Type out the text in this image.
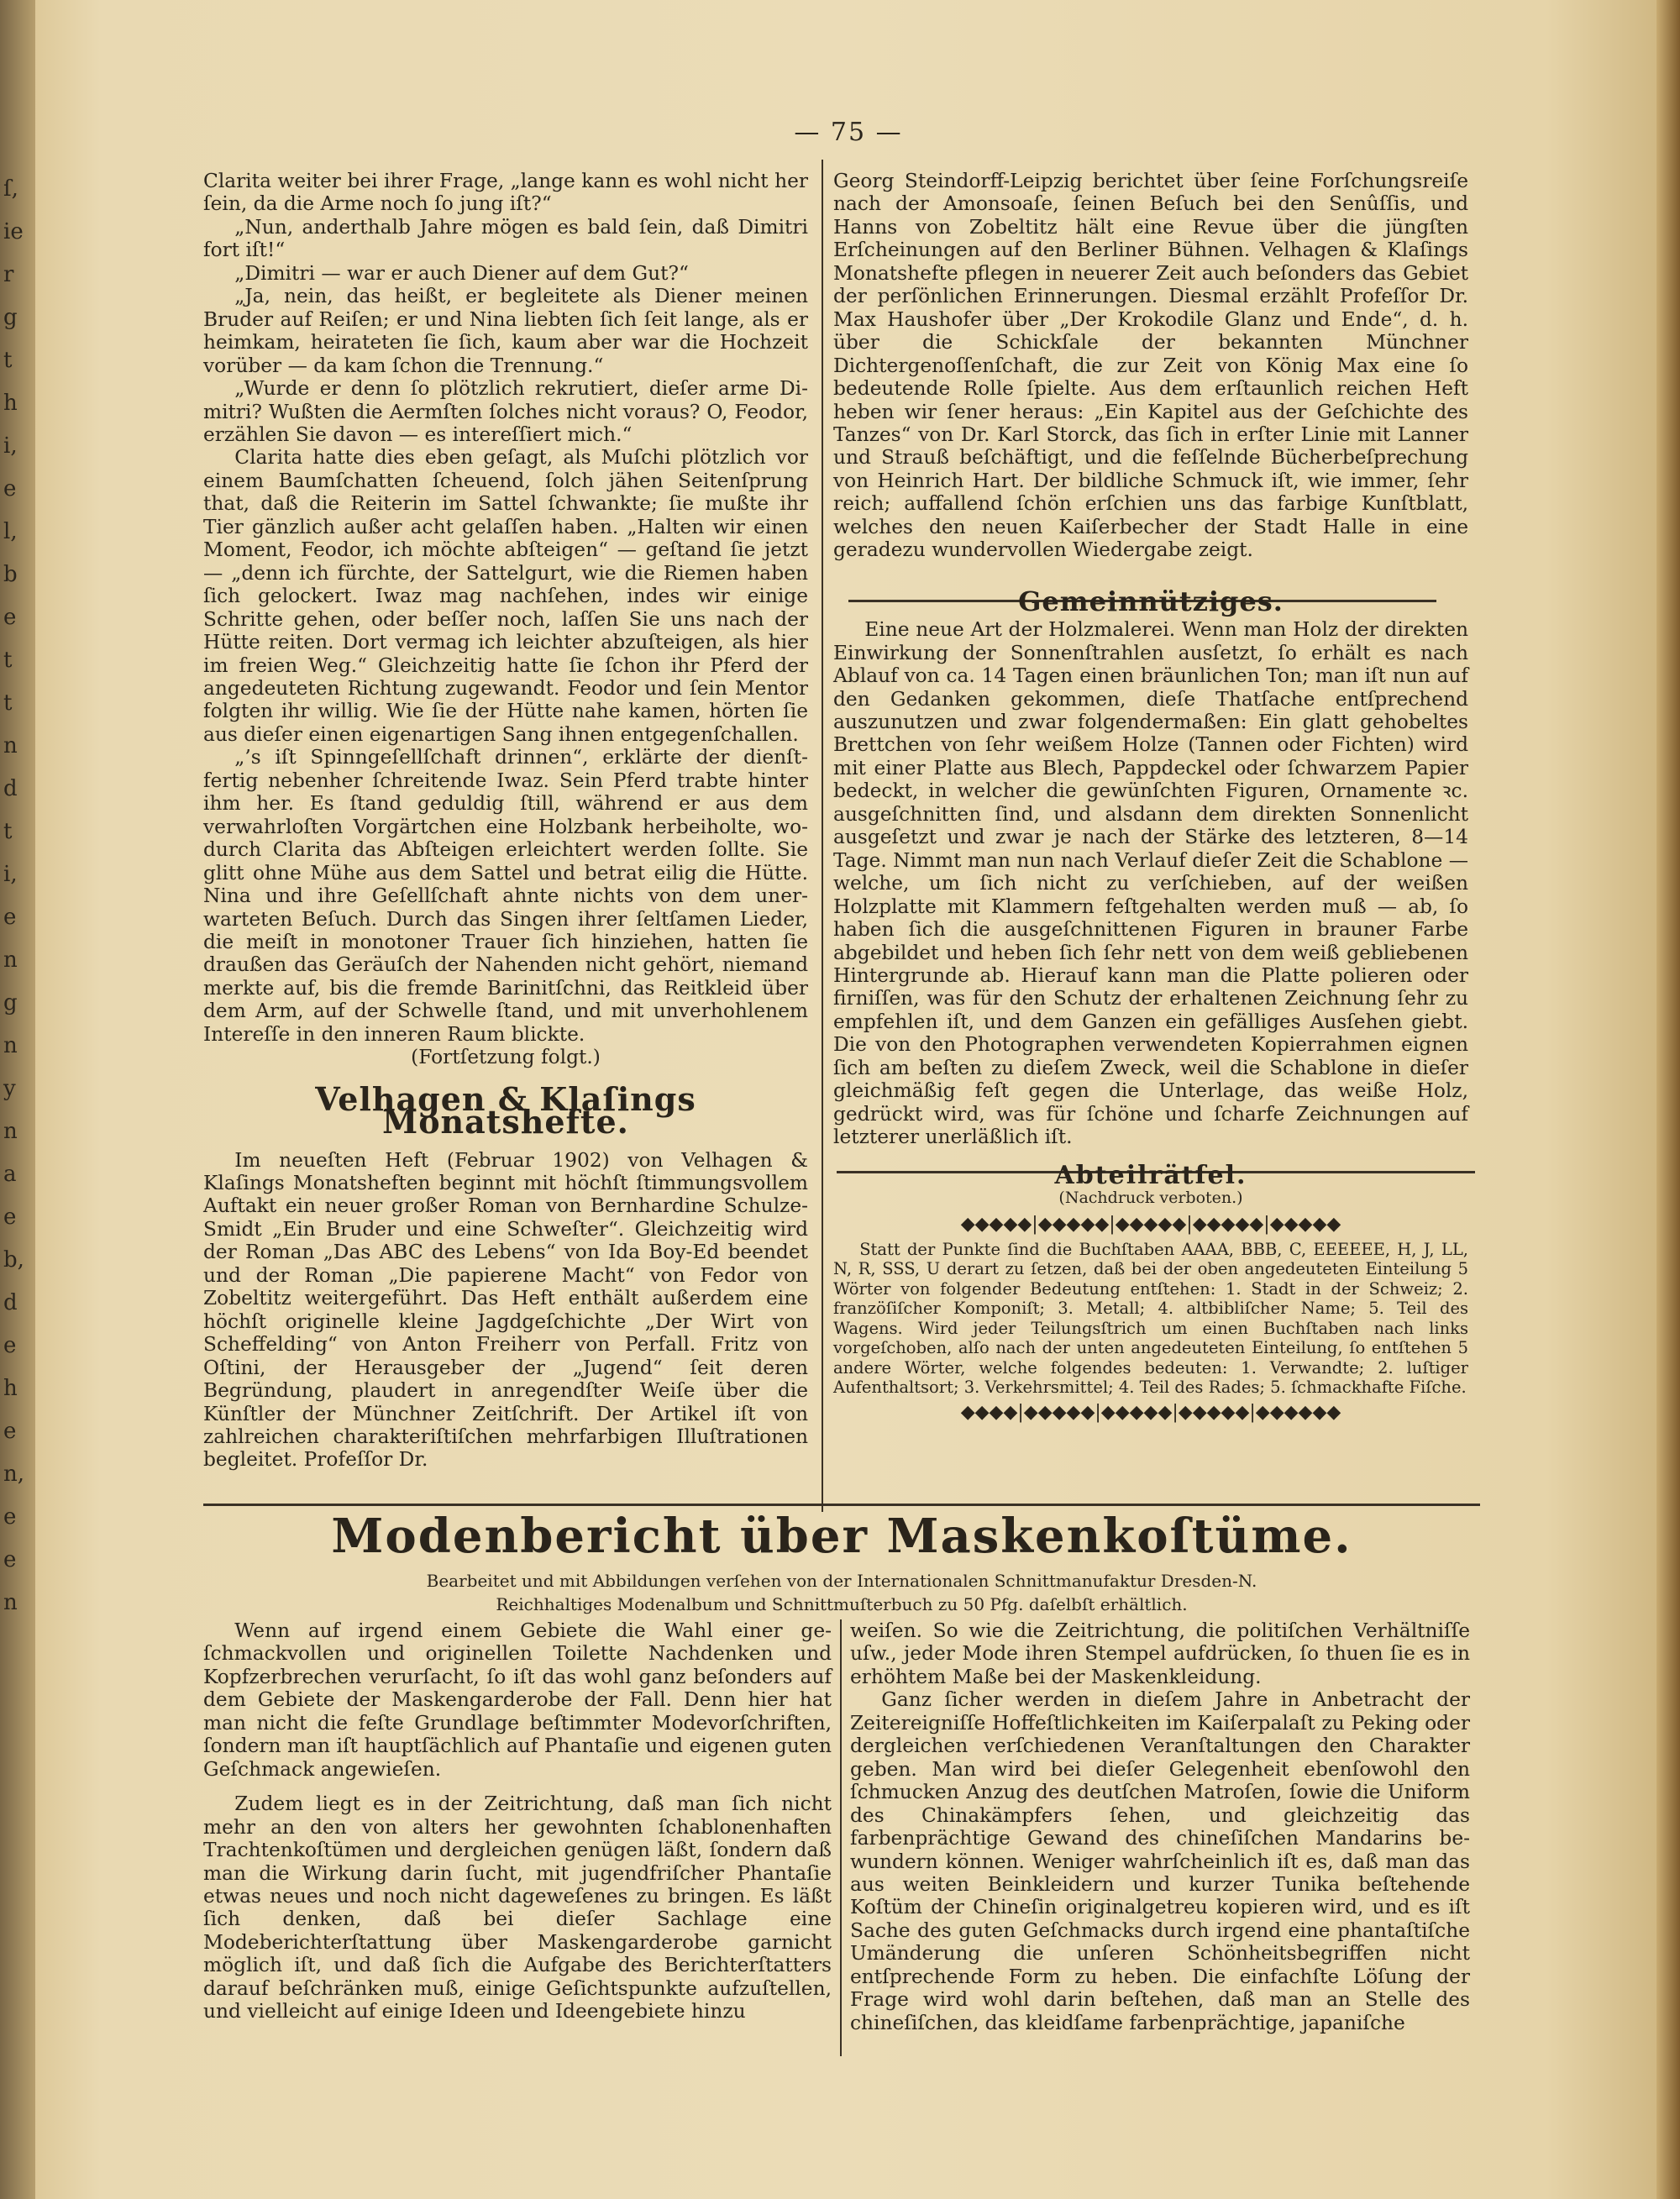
ſ,
ie
r
g
t
h
i,
e
l,
b
e
t
t
n
d
t
i,
e
n
g
n
y
n
a
e
b,
d
e
h
e
n,
e
e
n
— 75 —

Clarita weiter bei ihrer Frage, „lange kann es wohl nicht her ſein, da die Arme noch ſo jung iſt?“

„Nun, anderthalb Jahre mögen es bald ſein, daß Dimitri fort iſt!“

„Dimitri — war er auch Diener auf dem Gut?“

„Ja, nein, das heißt, er begleitete als Diener meinen Bruder auf Reiſen; er und Nina liebten ſich ſeit lange, als er heimkam, heirateten ſie ſich, kaum aber war die Hochzeit vorüber — da kam ſchon die Trennung.“

„Wurde er denn ſo plötzlich rekrutiert, dieſer arme Dimitri? Wußten die Aermſten ſolches nicht voraus? O, Feodor, erzählen Sie davon — es intereſſiert mich.“

Clarita hatte dies eben geſagt, als Muſchi plötzlich vor einem Baumſchatten ſcheuend, ſolch jähen Seitenſprung that, daß die Reiterin im Sattel ſchwankte; ſie mußte ihr Tier gänzlich außer acht gelaſſen haben. „Halten wir einen Moment, Feodor, ich möchte abſteigen“ — geſtand ſie jetzt — „denn ich fürchte, der Sattelgurt, wie die Riemen haben ſich gelockert. Iwaz mag nachſehen, indes wir einige Schritte gehen, oder beſſer noch, laſſen Sie uns nach der Hütte reiten. Dort vermag ich leichter abzuſteigen, als hier im freien Weg.“ Gleichzeitig hatte ſie ſchon ihr Pferd der angedeuteten Richtung zugewandt. Feodor und ſein Mentor folgten ihr willig. Wie ſie der Hütte nahe kamen, hörten ſie aus dieſer einen eigenartigen Sang ihnen entgegenſchallen.

„’s iſt Spinngeſellſchaft drinnen“, erklärte der dienſtfertig nebenher ſchreitende Iwaz. Sein Pferd trabte hinter ihm her. Es ſtand geduldig ſtill, während er aus dem verwahrloſten Vorgärtchen eine Holzbank herbeiholte, wodurch Clarita das Abſteigen erleichtert werden ſollte. Sie glitt ohne Mühe aus dem Sattel und betrat eilig die Hütte. Nina und ihre Geſellſchaft ahnte nichts von dem unerwarteten Beſuch. Durch das Singen ihrer ſeltſamen Lieder, die meiſt in monotoner Trauer ſich hinziehen, hatten ſie draußen das Geräuſch der Nahenden nicht gehört, niemand merkte auf, bis die fremde Barinitſchni, das Reitkleid über dem Arm, auf der Schwelle ſtand, und mit unverhohlenem Intereſſe in den inneren Raum blickte.

(Fortſetzung folgt.)

Velhagen & Klaſings Monatshefte.

Im neueſten Heft (Februar 1902) von Velhagen & Klaſings Monatsheften beginnt mit höchſt ſtimmungsvollem Auftakt ein neuer großer Roman von Bernhardine Schulze-Smidt „Ein Bruder und eine Schweſter“. Gleichzeitig wird der Roman „Das ABC des Lebens“ von Ida Boy-Ed beendet und der Roman „Die papierene Macht“ von Fedor von Zobeltitz weitergeführt. Das Heft enthält außerdem eine höchſt originelle kleine Jagdgeſchichte „Der Wirt von Scheffelding“ von Anton Freiherr von Perfall. Fritz von Oſtini, der Herausgeber der „Jugend“ ſeit deren Begründung, plaudert in anregendſter Weiſe über die Künſtler der Münchner Zeitſchrift. Der Artikel iſt von zahlreichen charakteriſtiſchen mehrfarbigen Illuſtrationen begleitet. Profeſſor Dr.

Georg Steindorff-Leipzig berichtet über ſeine Forſchungsreiſe nach der Amonsoaſe, ſeinen Beſuch bei den Senûſſis, und Hanns von Zobeltitz hält eine Revue über die jüngſten Erſcheinungen auf den Berliner Bühnen. Velhagen & Klaſings Monatshefte pflegen in neuerer Zeit auch beſonders das Gebiet der perſönlichen Erinnerungen. Diesmal erzählt Profeſſor Dr. Max Haushofer über „Der Krokodile Glanz und Ende“, d. h. über die Schickſale der bekannten Münchner Dichtergenoſſenſchaft, die zur Zeit von König Max eine ſo bedeutende Rolle ſpielte. Aus dem erſtaunlich reichen Heft heben wir ſener heraus: „Ein Kapitel aus der Geſchichte des Tanzes“ von Dr. Karl Storck, das ſich in erſter Linie mit Lanner und Strauß beſchäftigt, und die feſſelnde Bücherbeſprechung von Heinrich Hart. Der bildliche Schmuck iſt, wie immer, ſehr reich; auffallend ſchön erſchien uns das farbige Kunſtblatt, welches den neuen Kaiſerbecher der Stadt Halle in eine geradezu wundervollen Wiedergabe zeigt.

Gemeinnütziges.

Eine neue Art der Holzmalerei. Wenn man Holz der direkten Einwirkung der Sonnenſtrahlen ausſetzt, ſo erhält es nach Ablauf von ca. 14 Tagen einen bräunlichen Ton; man iſt nun auf den Gedanken gekommen, dieſe Thatſache entſprechend auszunutzen und zwar folgendermaßen: Ein glatt gehobeltes Brettchen von ſehr weißem Holze (Tannen oder Fichten) wird mit einer Platte aus Blech, Pappdeckel oder ſchwarzem Papier bedeckt, in welcher die gewünſchten Figuren, Ornamente ꝛc. ausgeſchnitten ſind, und alsdann dem direkten Sonnenlicht ausgeſetzt und zwar je nach der Stärke des letzteren, 8—14 Tage. Nimmt man nun nach Verlauf dieſer Zeit die Schablone — welche, um ſich nicht zu verſchieben, auf der weißen Holzplatte mit Klammern feſtgehalten werden muß — ab, ſo haben ſich die ausgeſchnittenen Figuren in brauner Farbe abgebildet und heben ſich ſehr nett von dem weiß gebliebenen Hintergrunde ab. Hierauf kann man die Platte polieren oder firniſſen, was für den Schutz der erhaltenen Zeichnung ſehr zu empfehlen iſt, und dem Ganzen ein gefälliges Ausſehen giebt. Die von den Photographen verwendeten Kopierrahmen eignen ſich am beſten zu dieſem Zweck, weil die Schablone in dieſer gleichmäßig feſt gegen die Unterlage, das weiße Holz, gedrückt wird, was für ſchöne und ſcharfe Zeichnungen auf letzterer unerläßlich iſt.

Abteilrätſel.
(Nachdruck verboten.)
◆◆◆◆◆|◆◆◆◆◆|◆◆◆◆◆|◆◆◆◆◆|◆◆◆◆◆

Statt der Punkte ſind die Buchſtaben AAAA, BBB, C, EEEEEE, H, J, LL, N, R, SSS, U derart zu ſetzen, daß bei der oben angedeuteten Einteilung 5 Wörter von folgender Bedeutung entſtehen: 1. Stadt in der Schweiz; 2. franzöſiſcher Komponiſt; 3. Metall; 4. altbibliſcher Name; 5. Teil des Wagens. Wird jeder Teilungsſtrich um einen Buchſtaben nach links vorgeſchoben, alſo nach der unten angedeuteten Einteilung, ſo entſtehen 5 andere Wörter, welche folgendes bedeuten: 1. Verwandte; 2. luſtiger Aufenthaltsort; 3. Verkehrsmittel; 4. Teil des Rades; 5. ſchmackhafte Fiſche.

◆◆◆◆|◆◆◆◆◆|◆◆◆◆◆|◆◆◆◆◆|◆◆◆◆◆◆
Modenbericht über Maskenkoſtüme.
Bearbeitet und mit Abbildungen verſehen von der Internationalen Schnittmanufaktur Dresden-N.
Reichhaltiges Modenalbum und Schnittmuſterbuch zu 50 Pfg. daſelbſt erhältlich.

Wenn auf irgend einem Gebiete die Wahl einer geſchmackvollen und originellen Toilette Nachdenken und Kopfzerbrechen verurſacht, ſo iſt das wohl ganz beſonders auf dem Gebiete der Maskengarderobe der Fall. Denn hier hat man nicht die feſte Grundlage beſtimmter Modevorſchriften, ſondern man iſt hauptſächlich auf Phantaſie und eigenen guten Geſchmack angewieſen.

Zudem liegt es in der Zeitrichtung, daß man ſich nicht mehr an den von alters her gewohnten ſchablonenhaften Trachtenkoſtümen und dergleichen genügen läßt, ſondern daß man die Wirkung darin ſucht, mit jugendfriſcher Phantaſie etwas neues und noch nicht dageweſenes zu bringen. Es läßt ſich denken, daß bei dieſer Sachlage eine Modeberichterſtattung über Maskengarderobe garnicht möglich iſt, und daß ſich die Aufgabe des Berichterſtatters darauf beſchränken muß, einige Geſichtspunkte aufzuſtellen, und vielleicht auf einige Ideen und Ideengebiete hinzu

weiſen. So wie die Zeitrichtung, die politiſchen Verhältniſſe uſw., jeder Mode ihren Stempel aufdrücken, ſo thuen ſie es in erhöhtem Maße bei der Maskenkleidung.

Ganz ſicher werden in dieſem Jahre in Anbetracht der Zeitereigniſſe Hoffeſtlichkeiten im Kaiſerpalaſt zu Peking oder dergleichen verſchiedenen Veranſtaltungen den Charakter geben. Man wird bei dieſer Gelegenheit ebenſowohl den ſchmucken Anzug des deutſchen Matroſen, ſowie die Uniform des Chinakämpfers ſehen, und gleichzeitig das farbenprächtige Gewand des chineſiſchen Mandarins bewundern können. Weniger wahrſcheinlich iſt es, daß man das aus weiten Beinkleidern und kurzer Tunika beſtehende Koſtüm der Chineſin originalgetreu kopieren wird, und es iſt Sache des guten Geſchmacks durch irgend eine phantaſtiſche Umänderung die unſeren Schönheitsbegriffen nicht entſprechende Form zu heben. Die einfachſte Löſung der Frage wird wohl darin beſtehen, daß man an Stelle des chineſiſchen, das kleidſame farbenprächtige, japaniſche
